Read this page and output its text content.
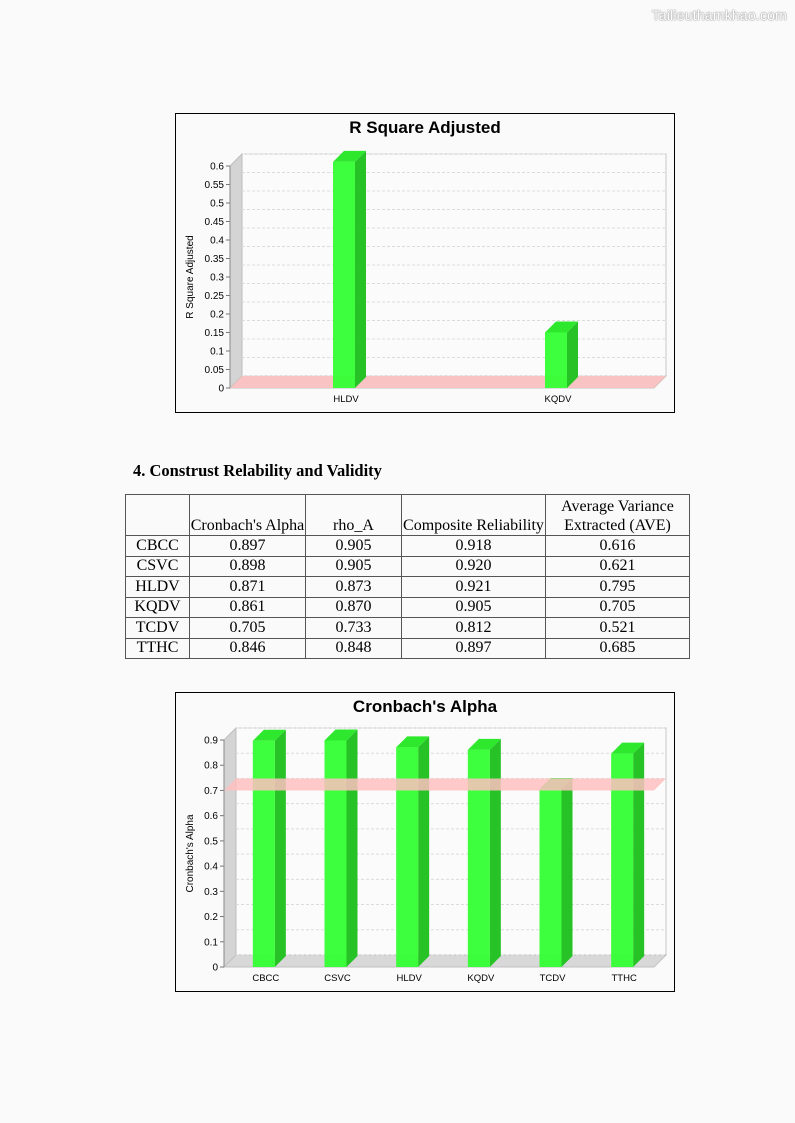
Tailieuthamkhao.com
R Square Adjusted
0
0.05
0.1
0.15
0.2
0.25
0.3
0.35
0.4
0.45
0.5
0.55
0.6
R Square Adjusted
HLDV	KQDV
4. Construst Relability and Validity
	Cronbach's Alpha	rho_A	Composite Reliability	Average Variance Extracted (AVE)
CBCC	0.897	0.905	0.918	0.616
CSVC	0.898	0.905	0.920	0.621
HLDV	0.871	0.873	0.921	0.795
KQDV	0.861	0.870	0.905	0.705
TCDV	0.705	0.733	0.812	0.521
TTHC	0.846	0.848	0.897	0.685
Cronbach's Alpha
0
0.1
0.2
0.3
0.4
0.5
0.6
0.7
0.8
0.9
Cronbach's Alpha
CBCC	CSVC	HLDV	KQDV	TCDV	TTHC
